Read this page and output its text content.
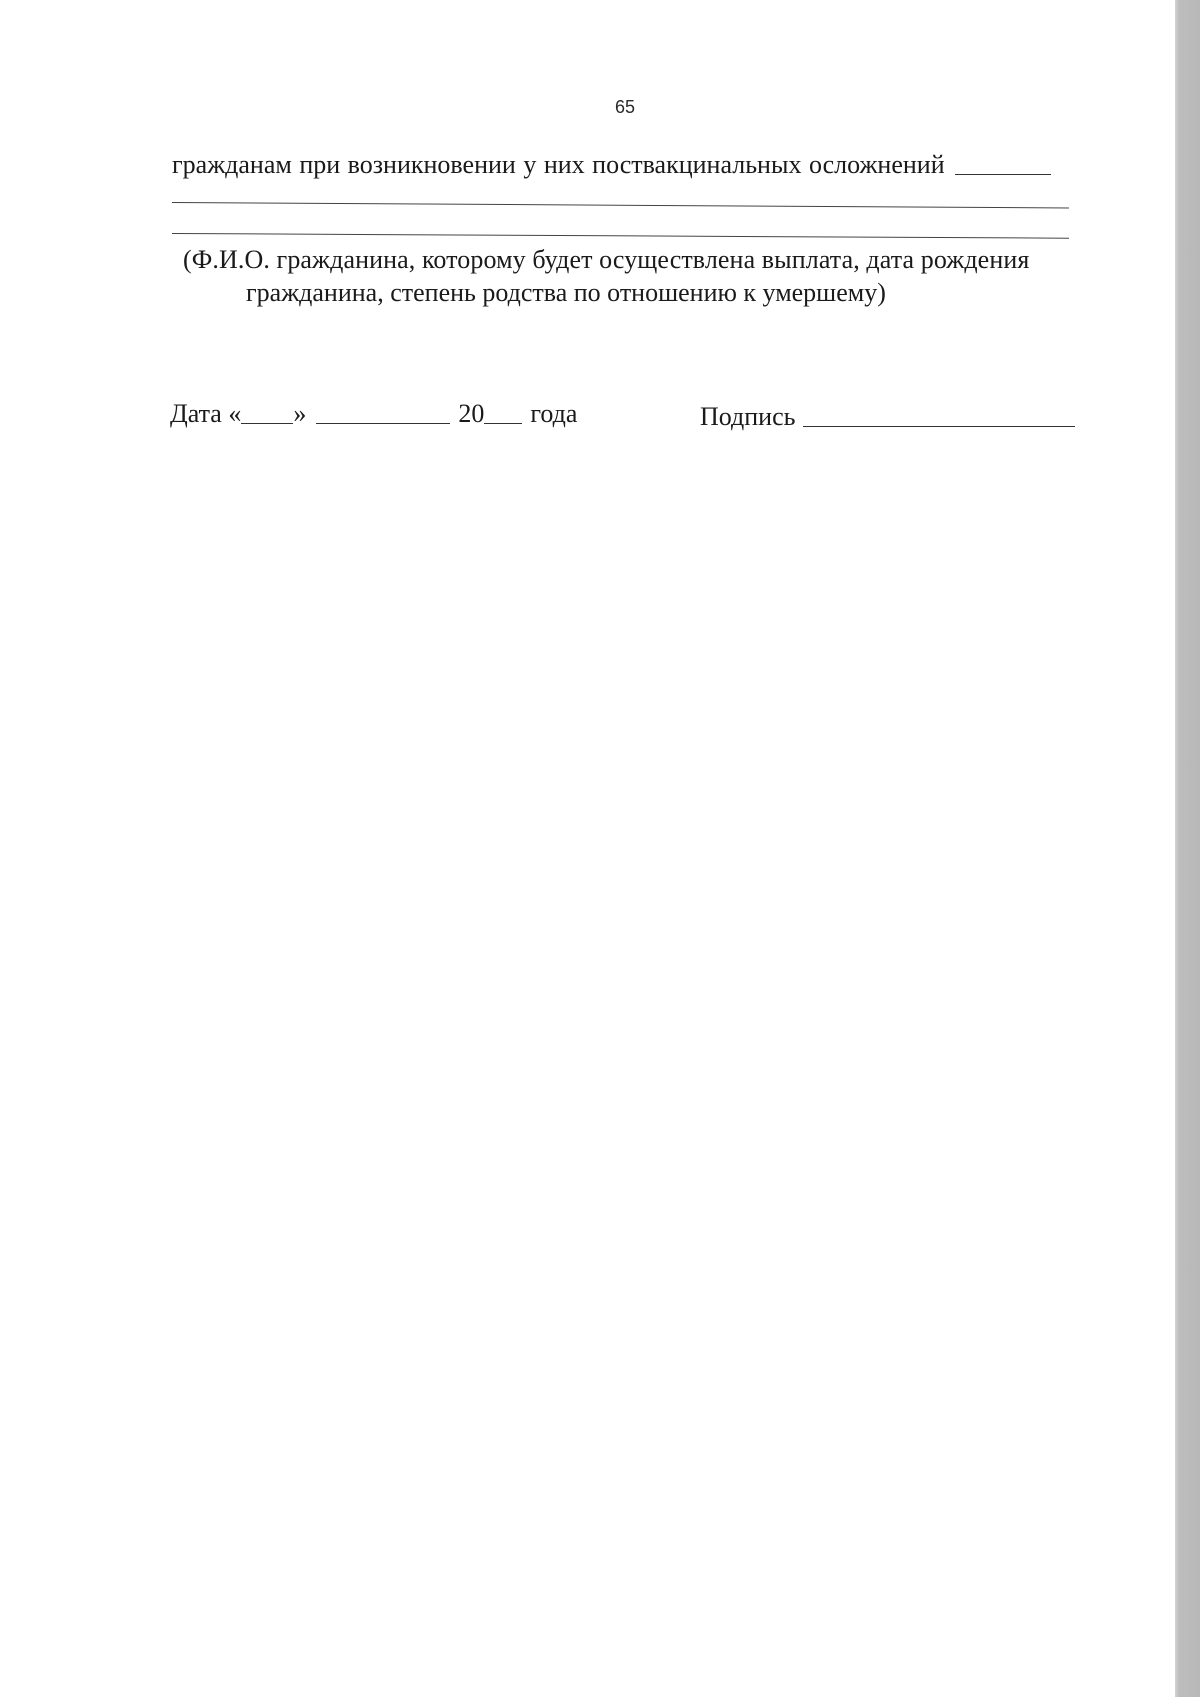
65
гражданам при возникновении у них поствакцинальных осложнений
(Ф.И.О. гражданина, которому будет осуществлена выплата, дата рождения
гражданина, степень родства по отношению к умершему)
Дата « »	20 года	Подпись
